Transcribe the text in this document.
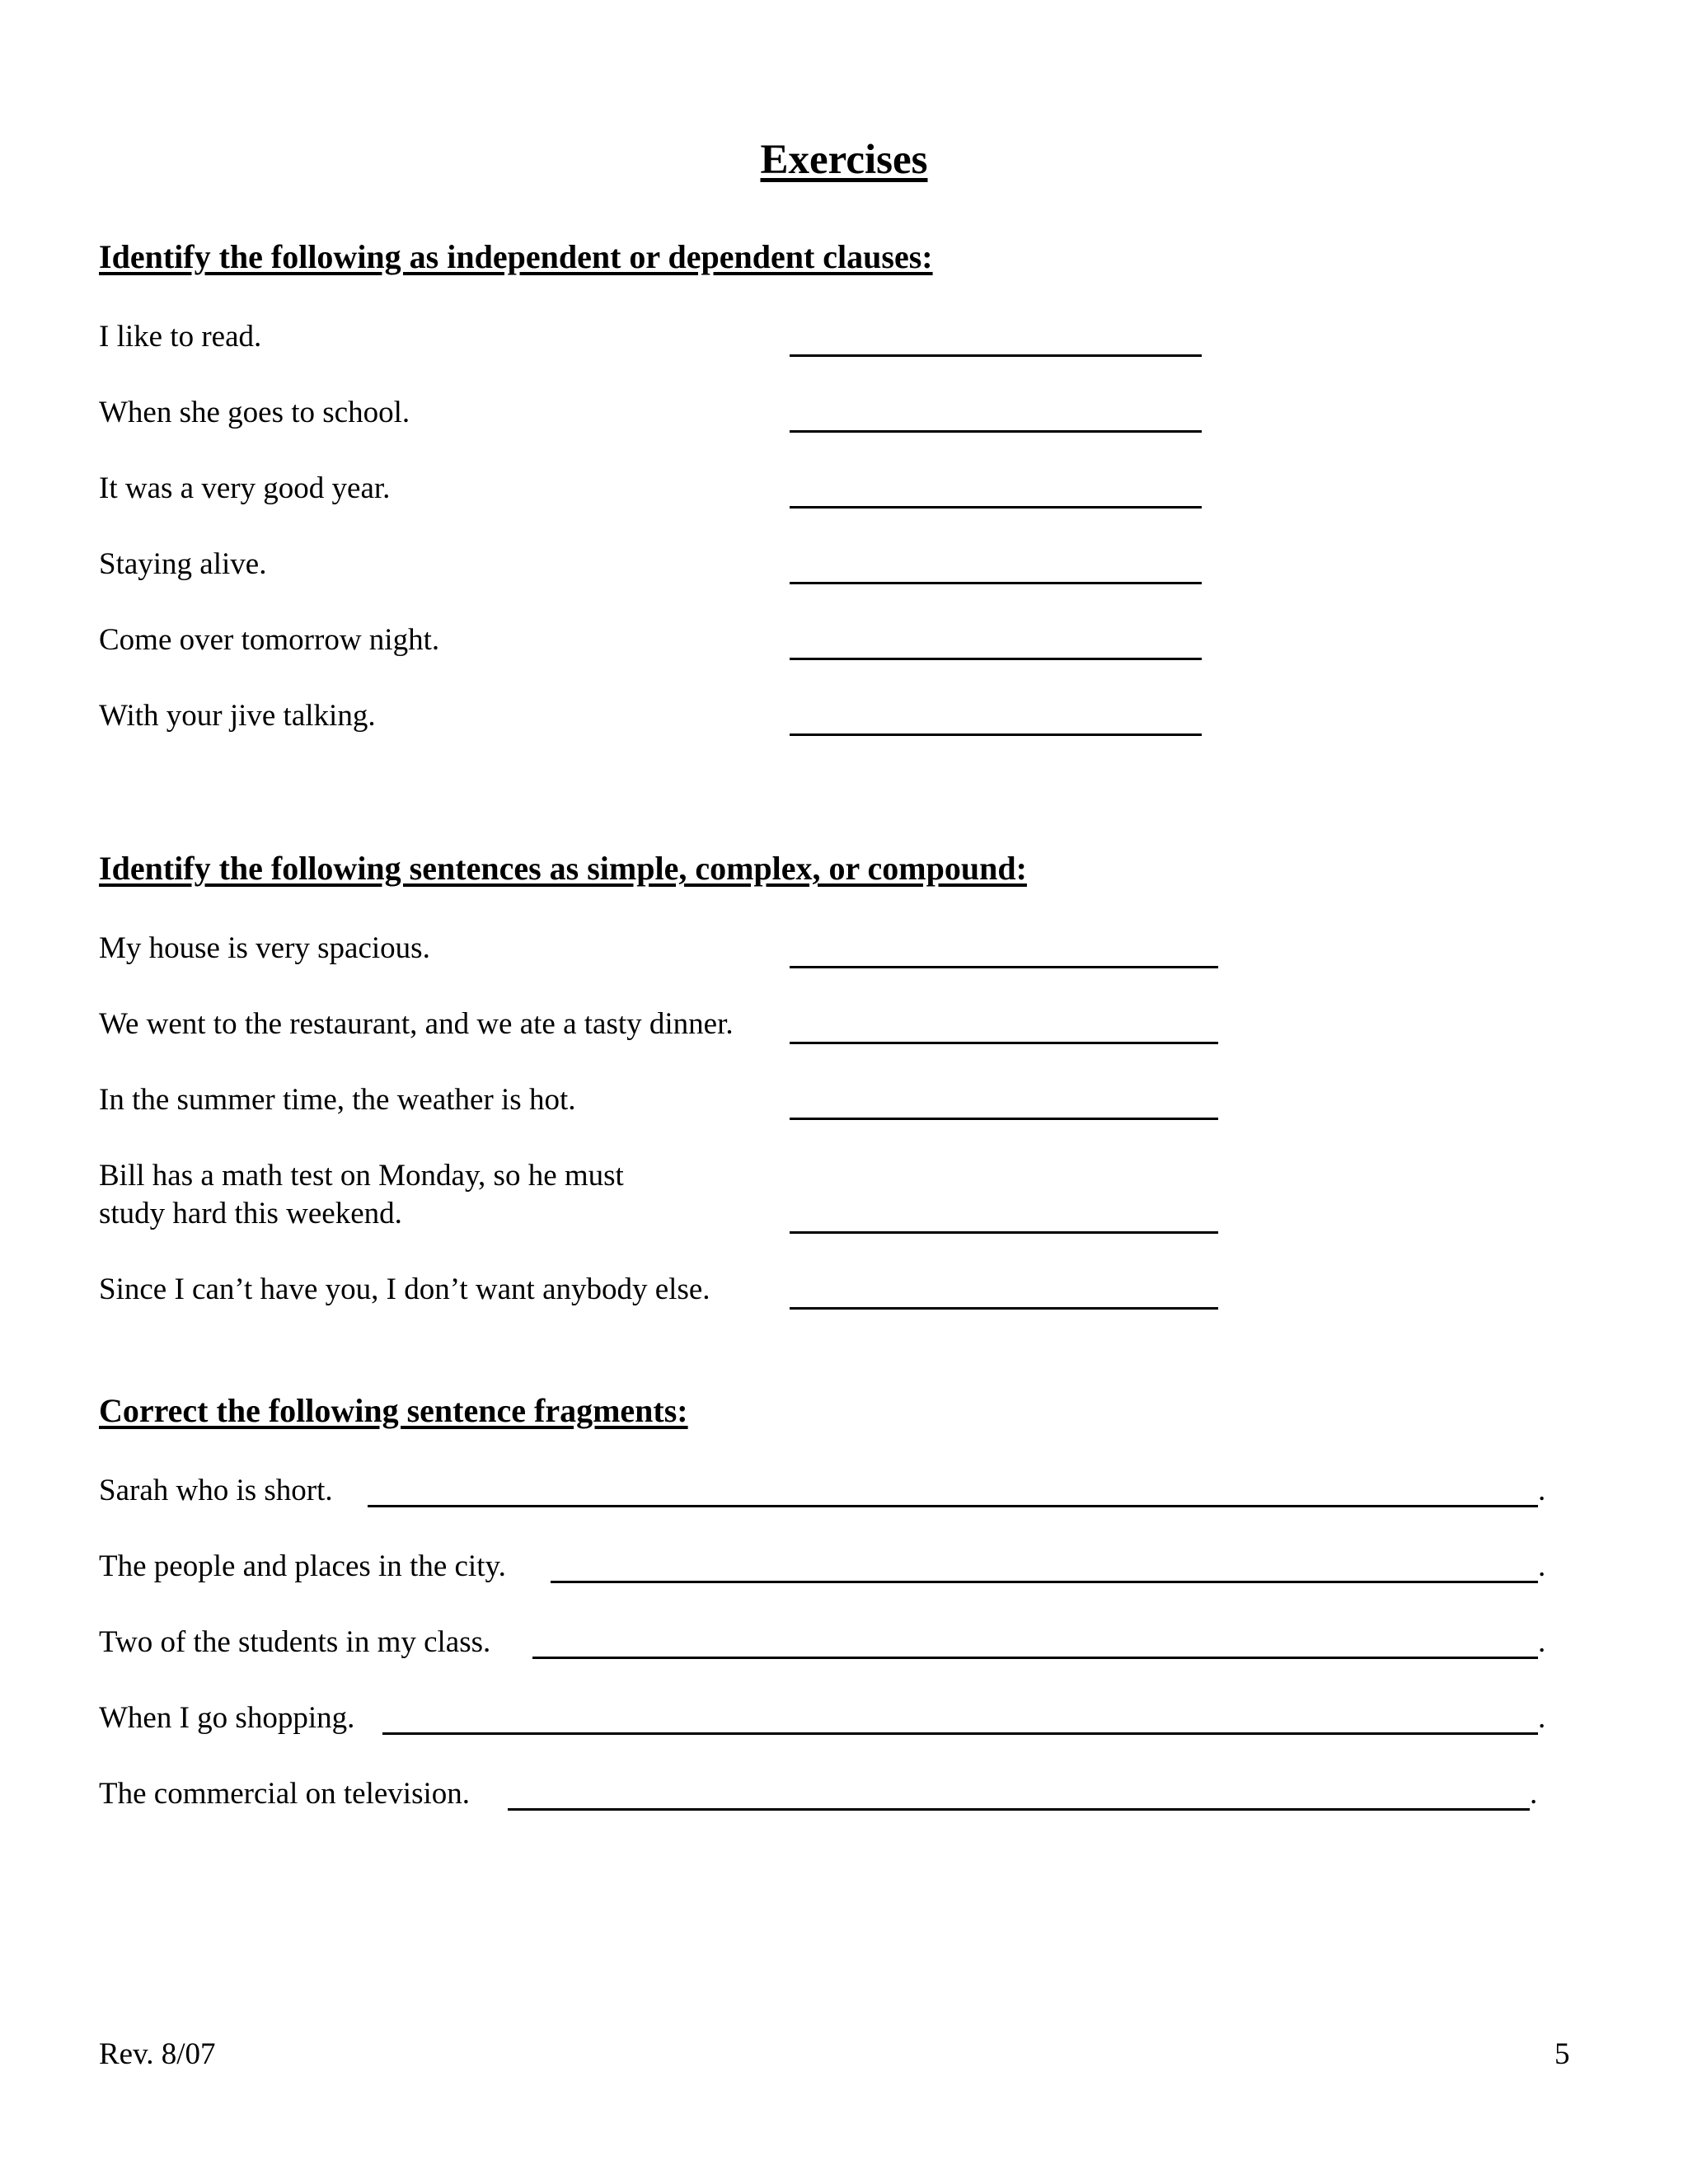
Exercises
Identify the following as independent or dependent clauses:
I like to read.
When she goes to school.
It was a very good year.
Staying alive.
Come over tomorrow night.
With your jive talking.
Identify the following sentences as simple, complex, or compound:
My house is very spacious.
We went to the restaurant, and we ate a tasty dinner.
In the summer time, the weather is hot.
Bill has a math test on Monday, so he must
study hard this weekend.
Since I can’t have you, I don’t want anybody else.
Correct the following sentence fragments:
Sarah who is short.	.
The people and places in the city.	.
Two of the students in my class.	.
When I go shopping.	.
The commercial on television.	.
Rev. 8/07	5
